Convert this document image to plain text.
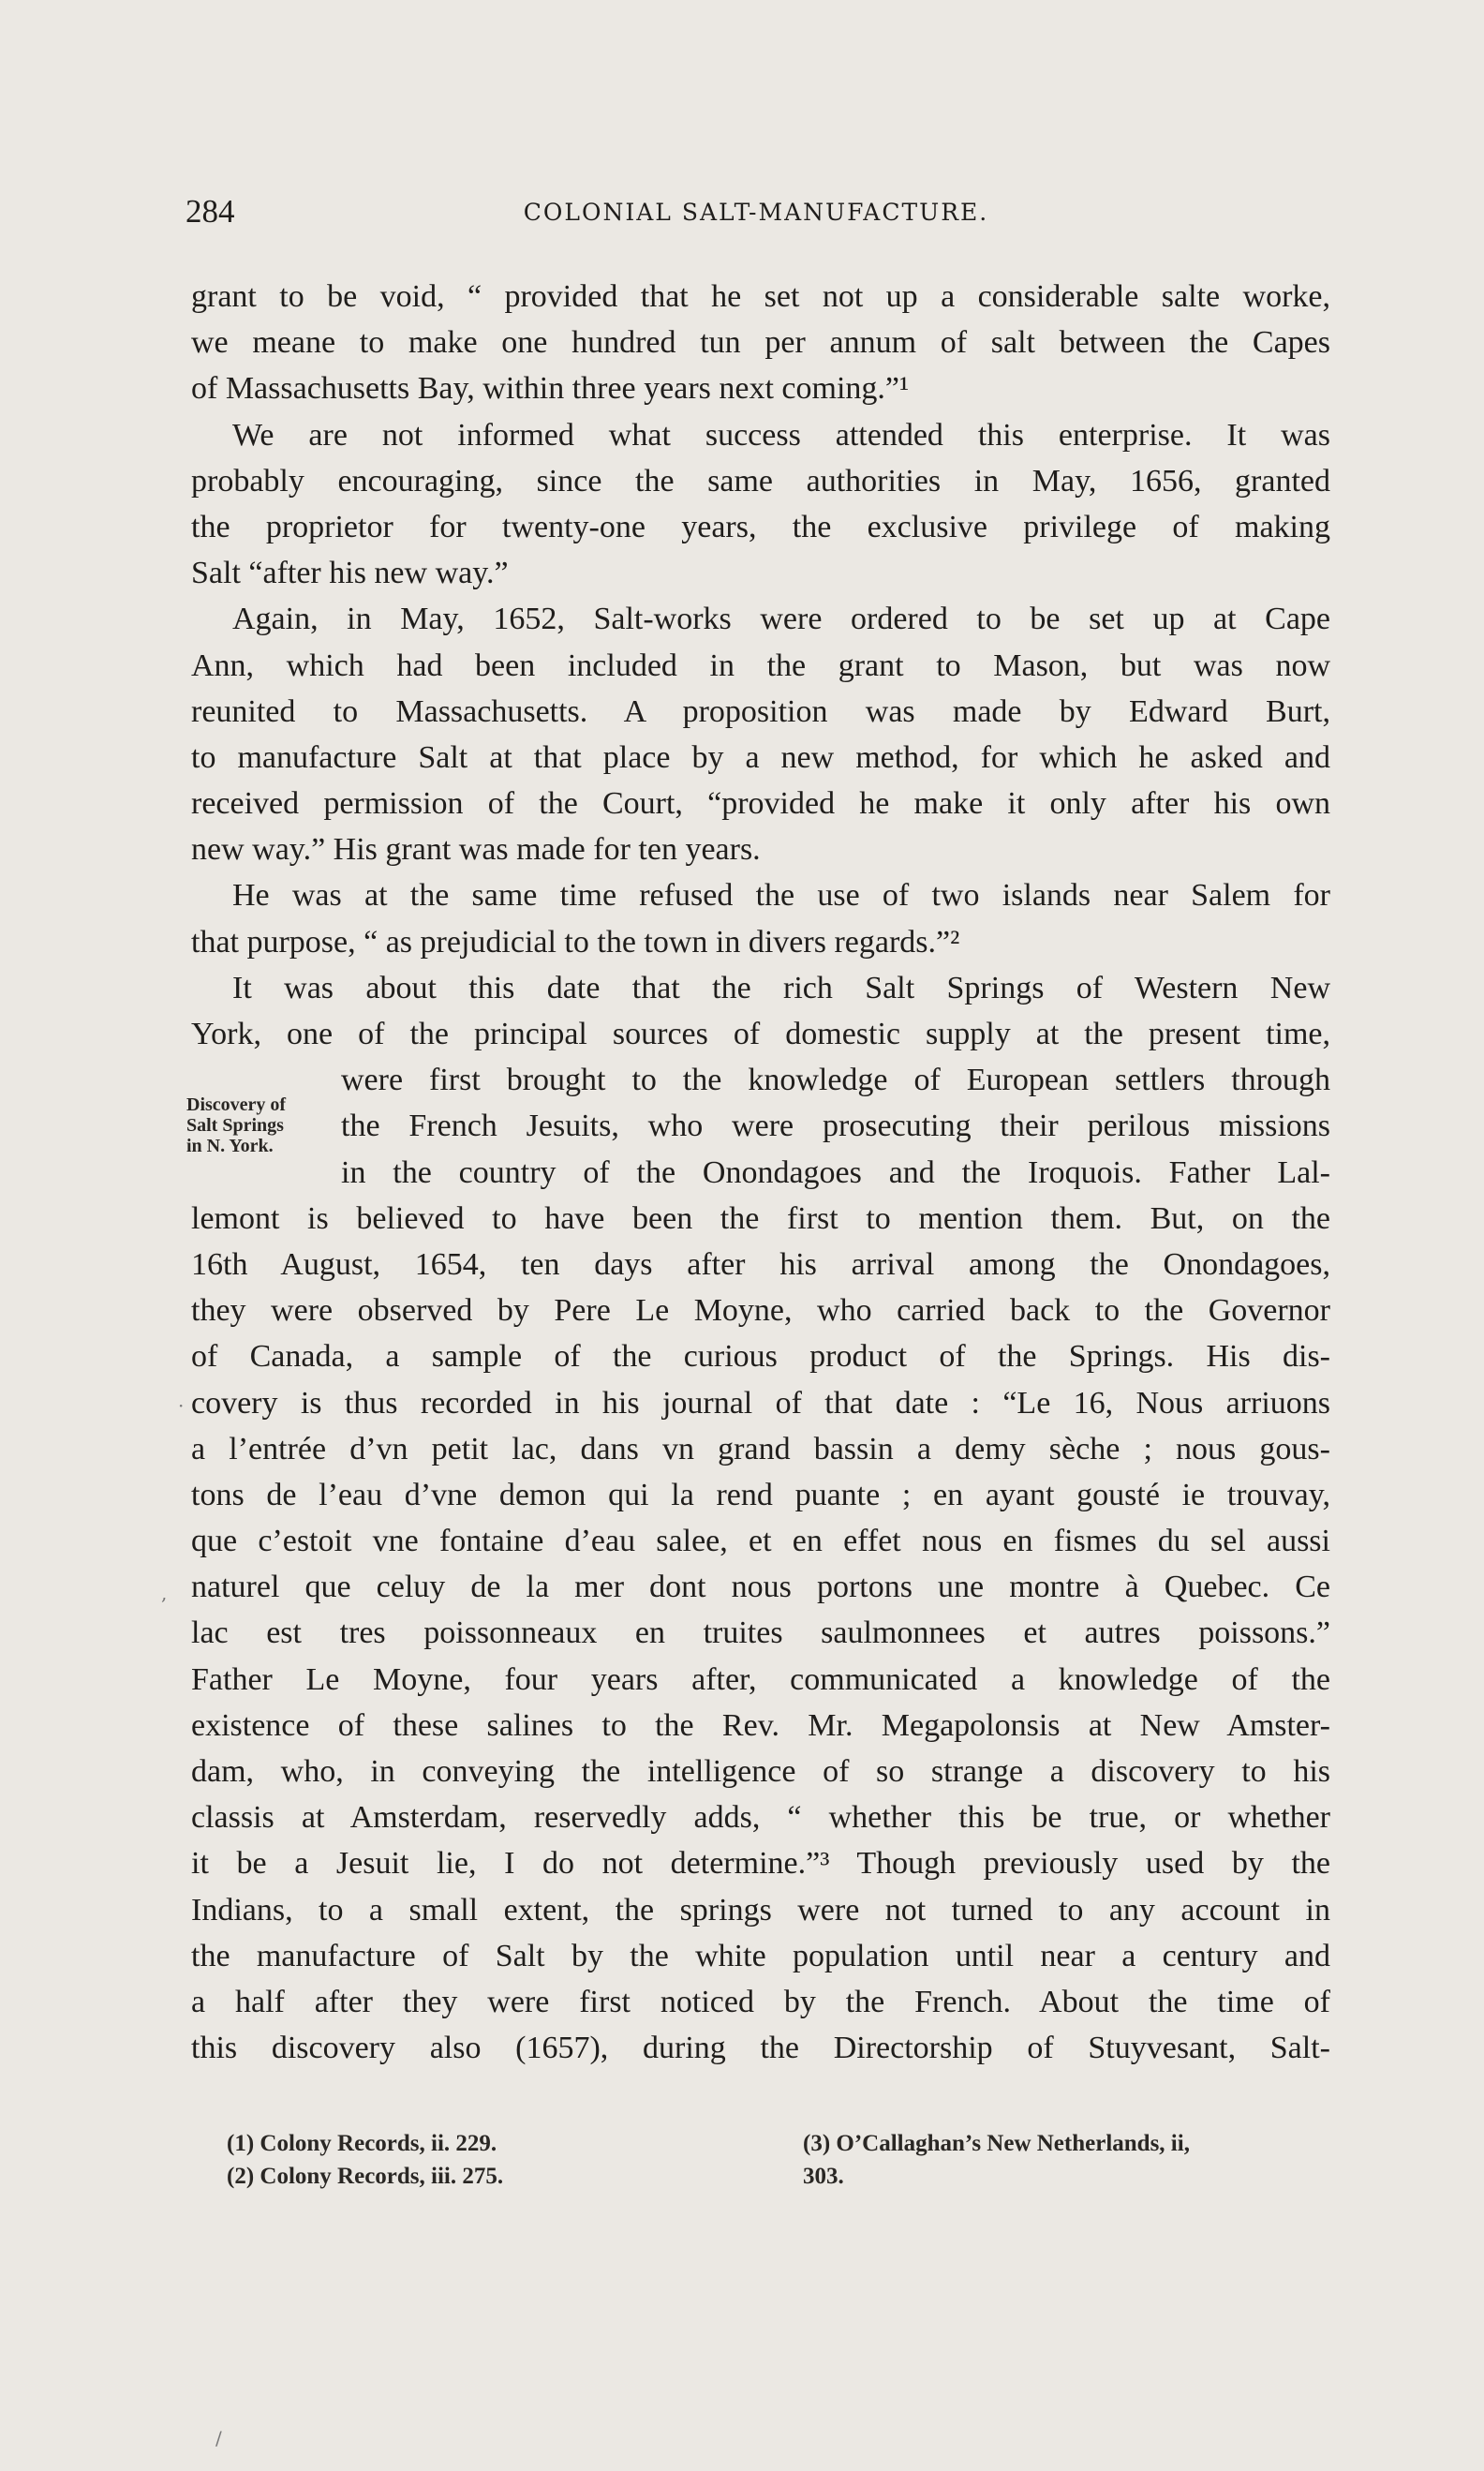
284	COLONIAL SALT-MANUFACTURE.
grant to be void, “ provided that he set not up a considerable salte worke,
we meane to make one hundred tun per annum of salt between the Capes
of Massachusetts Bay, within three years next coming.”¹
We are not informed what success attended this enterprise. It was
probably encouraging, since the same authorities in May, 1656, granted
the proprietor for twenty-one years, the exclusive privilege of making
Salt “after his new way.”
Again, in May, 1652, Salt-works were ordered to be set up at Cape
Ann, which had been included in the grant to Mason, but was now
reunited to Massachusetts. A proposition was made by Edward Burt,
to manufacture Salt at that place by a new method, for which he asked and
received permission of the Court, “provided he make it only after his own
new way.” His grant was made for ten years.
He was at the same time refused the use of two islands near Salem for
that purpose, “ as prejudicial to the town in divers regards.”²
It was about this date that the rich Salt Springs of Western New
York, one of the principal sources of domestic supply at the present time,
were first brought to the knowledge of European settlers through
the French Jesuits, who were prosecuting their perilous missions
in the country of the Onondagoes and the Iroquois. Father Lal-
lemont is believed to have been the first to mention them. But, on the
16th August, 1654, ten days after his arrival among the Onondagoes,
they were observed by Pere Le Moyne, who carried back to the Governor
of Canada, a sample of the curious product of the Springs. His dis-
covery is thus recorded in his journal of that date : “Le 16, Nous arriuons
a l’entrée d’vn petit lac, dans vn grand bassin a demy sèche ; nous gous-
tons de l’eau d’vne demon qui la rend puante ; en ayant gousté ie trouvay,
que c’estoit vne fontaine d’eau salee, et en effet nous en fismes du sel aussi
naturel que celuy de la mer dont nous portons une montre à Quebec. Ce
lac est tres poissonneaux en truites saulmonnees et autres poissons.”
Father Le Moyne, four years after, communicated a knowledge of the
existence of these salines to the Rev. Mr. Megapolonsis at New Amster-
dam, who, in conveying the intelligence of so strange a discovery to his
classis at Amsterdam, reservedly adds, “ whether this be true, or whether
it be a Jesuit lie, I do not determine.”³ Though previously used by the
Indians, to a small extent, the springs were not turned to any account in
the manufacture of Salt by the white population until near a century and
a half after they were first noticed by the French. About the time of
this discovery also (1657), during the Directorship of Stuyvesant, Salt-
Discovery of
Salt Springs
in N. York.
(1) Colony Records, ii. 229.
(2) Colony Records, iii. 275.
(3) O’Callaghan’s New Netherlands, ii,
303.
·
,
/
